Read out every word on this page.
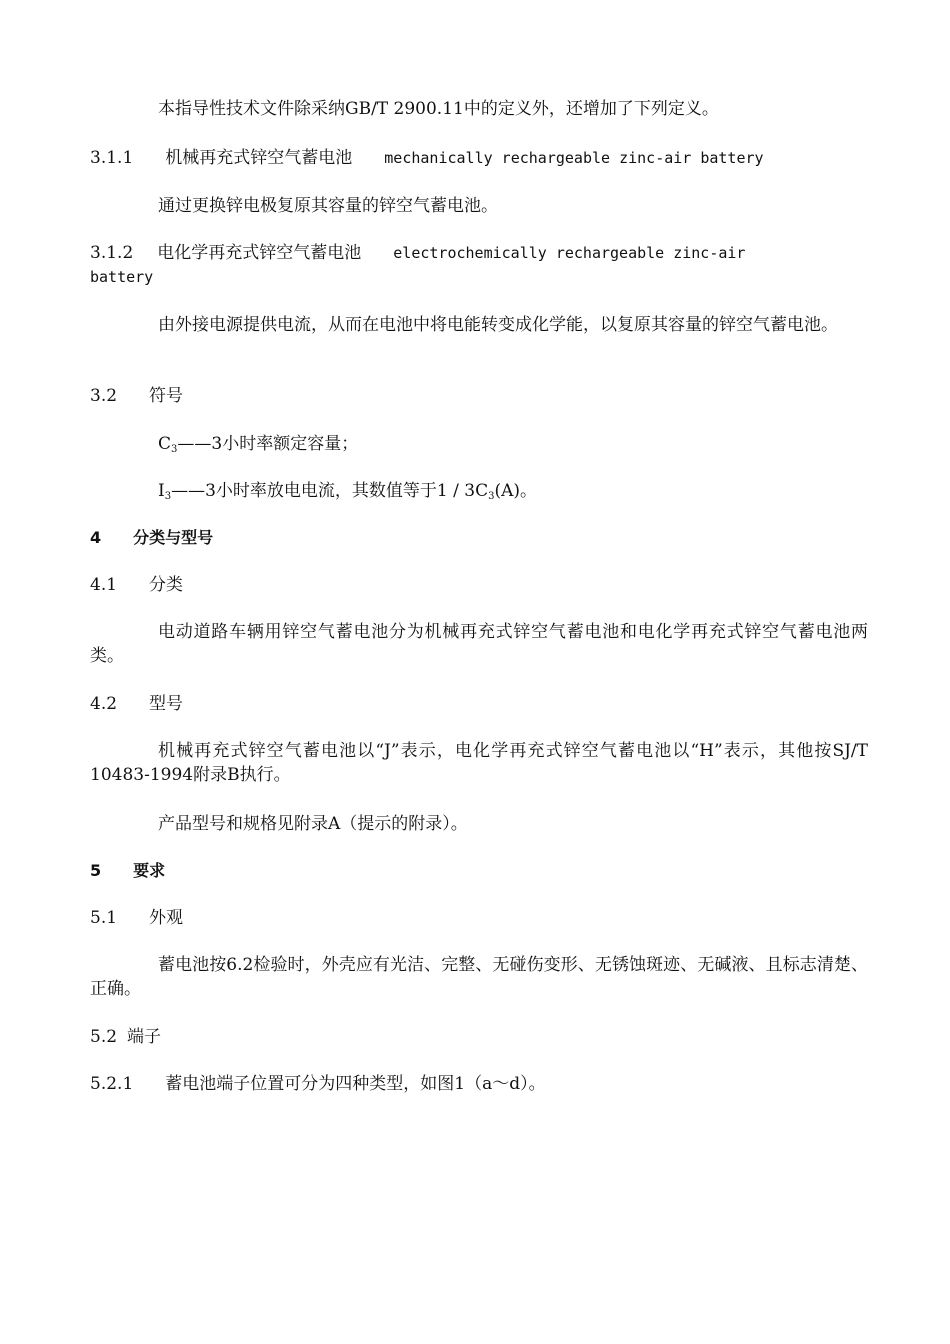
本指导性技术文件除采纳GB/T 2900.11中的定义外，还增加了下列定义。
3.1.1 机械再充式锌空气蓄电池 mechanically rechargeable zinc-air battery
通过更换锌电极复原其容量的锌空气蓄电池。
3.1.2 电化学再充式锌空气蓄电池 electrochemically rechargeable zinc-air
battery
由外接电源提供电流，从而在电池中将电能转变成化学能，以复原其容量的锌空气蓄电池。
3.2 符号
$C_3——3$小时率额定容量；
$I_3——3$小时率放电电流，其数值等于$1 / 3C_3(A)$。
4 分类与型号
4.1 分类
电动道路车辆用锌空气蓄电池分为机械再充式锌空气蓄电池和电化学再充式锌空气蓄电池两类。
4.2 型号
机械再充式锌空气蓄电池以“J”表示，电化学再充式锌空气蓄电池以“H”表示，其他按SJ/T 10483-1994附录B执行。
产品型号和规格见附录A（提示的附录）。
5 要求
5.1 外观
蓄电池按6.2检验时，外壳应有光洁、完整、无碰伤变形、无锈蚀斑迹、无碱液、且标志清楚、正确。
5.2 端子
5.2.1 蓄电池端子位置可分为四种类型，如图1（a～d）。
